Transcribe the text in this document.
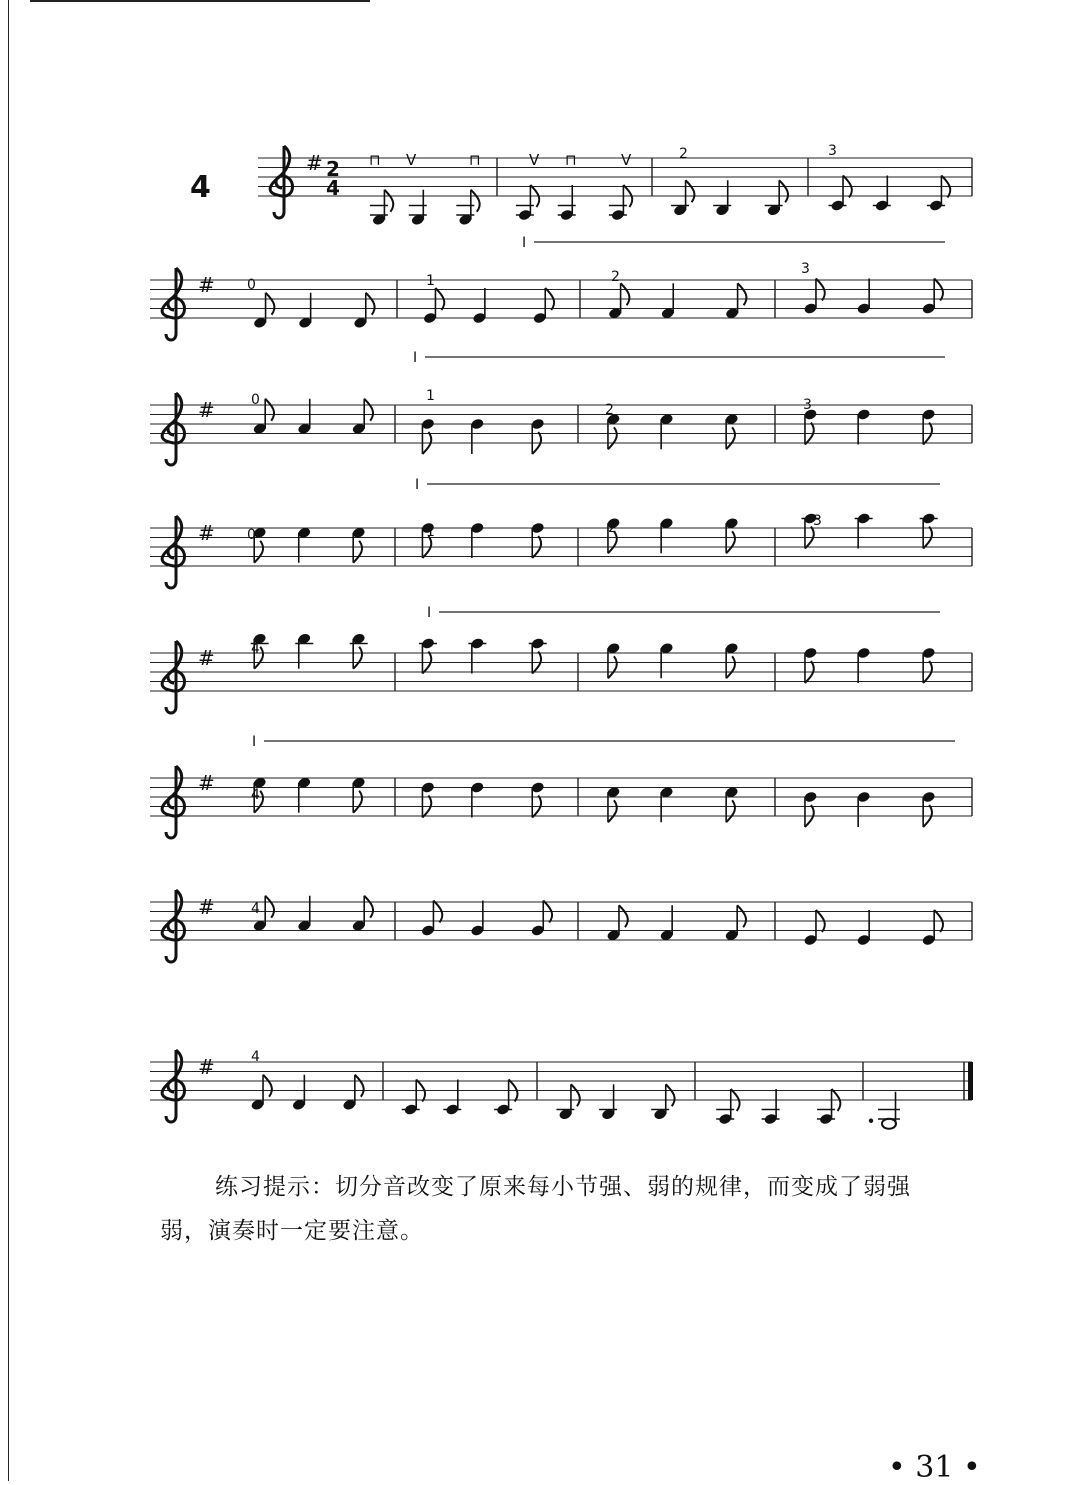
4
# 2
4
#
#
#
#
#
#
#
⊓ V	⊓	V ⊓	V	2	3
0	1	2	3
0	1
2	3
0	1	2	3
4
4
4
4
I
I
I
I
I
练习提示：切分音改变了原来每小节强、弱的规律，而变成了弱强
弱，演奏时一定要注意。
• 31 •
